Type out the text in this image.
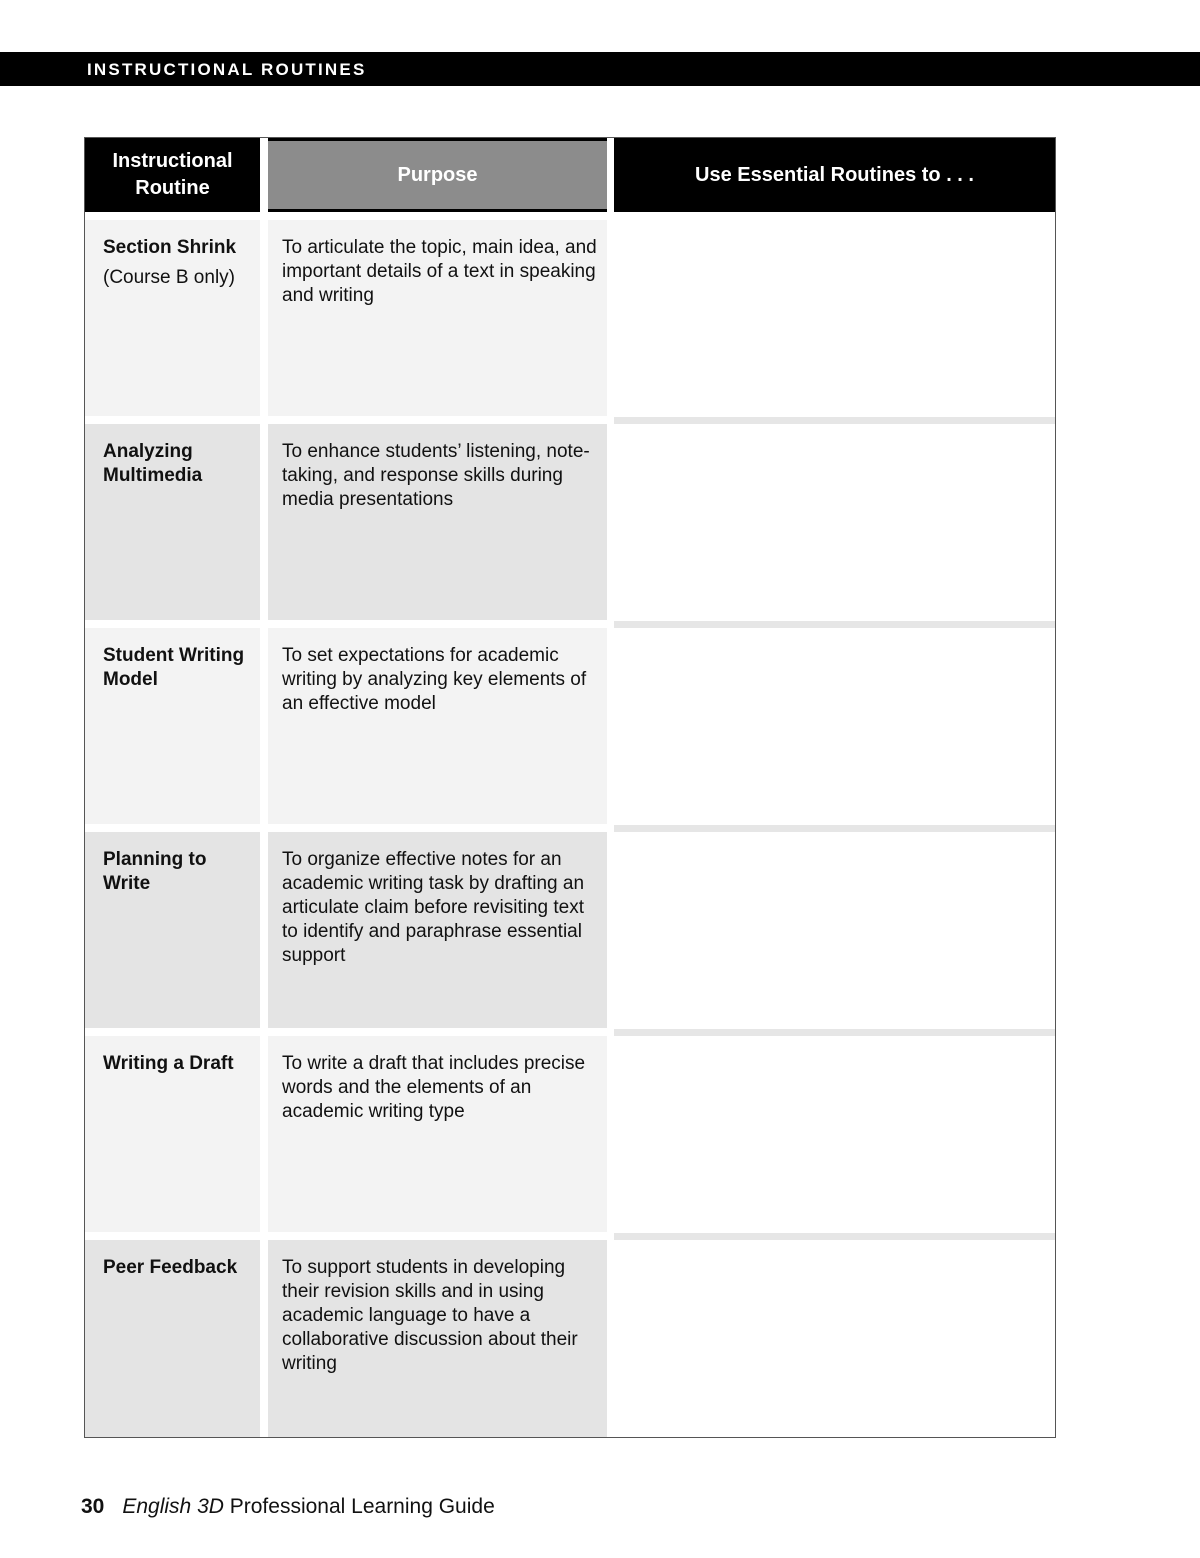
INSTRUCTIONAL ROUTINES
Instructional
Routine
Section Shrink
(Course B only)
Analyzing Multimedia
Student Writing Model
Planning to Write
Writing a Draft
Peer Feedback
Purpose
To articulate the topic, main idea, and important details of a text in speaking and writing
To enhance students’ listening, note-taking, and response skills during media presentations
To set expectations for academic writing by analyzing key elements of an effective model
To organize effective notes for an academic writing task by drafting an articulate claim before revisiting text to identify and paraphrase essential support
To write a draft that includes precise words and the elements of an academic writing type
To support students in developing their revision skills and in using academic language to have a collaborative discussion about their writing
Use Essential Routines to . . .
30 English 3D Professional Learning Guide
